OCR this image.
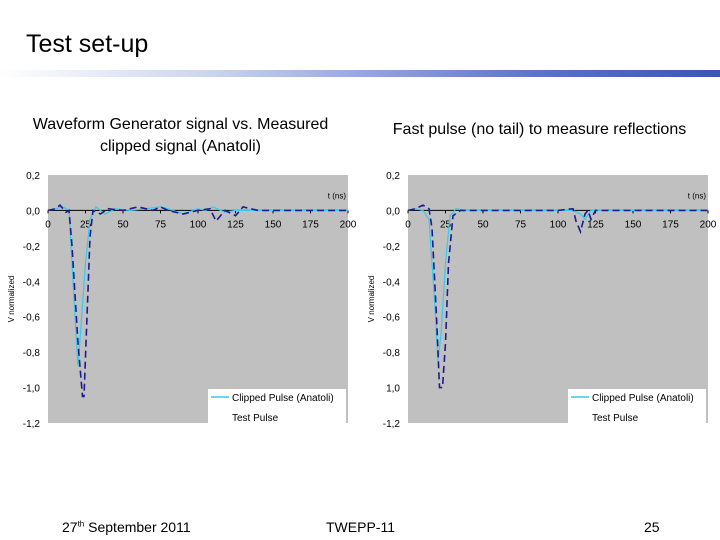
Test set-up
Waveform Generator signal vs. Measured clipped signal (Anatoli)
Fast pulse (no tail) to measure reflections
0,2
0,0
-0,2
-0,4
-0,6
-0,8
-1,0
-1,2
0	25	50	75 100 125 150 175 200
t (ns)
V normalized
Clipped Pulse (Anatoli)
Test Pulse
0,2
0,0
-0,2
-0,4
-0,6
-0,8
1,0
-1,2
0	25	50	75 100 125 150 175 200
t (ns)
V normalized
Clipped Pulse (Anatoli)
Test Pulse
27th September 2011	TWEPP-11	25
